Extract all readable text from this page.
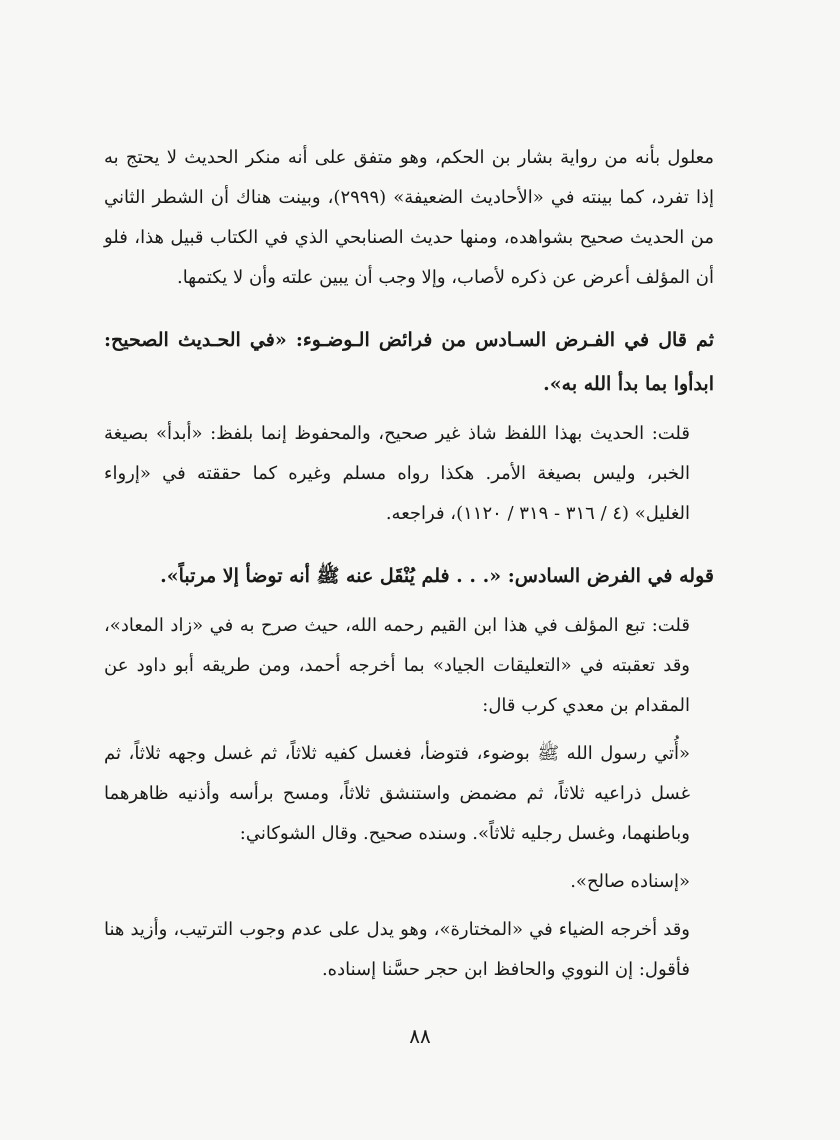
معلول بأنه من رواية بشار بن الحكم، وهو متفق على أنه منكر الحديث لا يحتج به إذا تفرد، كما بينته في «الأحاديث الضعيفة» (٢٩٩٩)، وبينت هناك أن الشطر الثاني من الحديث صحيح بشواهده، ومنها حديث الصنابحي الذي في الكتاب قبيل هذا، فلو أن المؤلف أعرض عن ذكره لأصاب، وإلا وجب أن يبين علته وأن لا يكتمها.

ثم قال في الفـرض السـادس من فرائض الـوضـوء: «في الحـديث الصحيح: ابدأوا بما بدأ الله به».

قلت: الحديث بهذا اللفظ شاذ غير صحيح، والمحفوظ إنما بلفظ: «أبدأ» بصيغة الخبر، وليس بصيغة الأمر. هكذا رواه مسلم وغيره كما حققته في «إرواء الغليل» (٤ / ٣١٦ - ٣١٩ / ١١٢٠)، فراجعه.

قوله في الفرض السادس: «. . . فلم يُنْقَل عنه ﷺ أنه توضأ إلا مرتباً».

قلت: تبع المؤلف في هذا ابن القيم رحمه الله، حيث صرح به في «زاد المعاد»، وقد تعقبته في «التعليقات الجياد» بما أخرجه أحمد، ومن طريقه أبو داود عن المقدام بن معدي كرب قال:

«أُتي رسول الله ﷺ بوضوء، فتوضأ، فغسل كفيه ثلاثاً، ثم غسل وجهه ثلاثاً، ثم غسل ذراعيه ثلاثاً، ثم مضمض واستنشق ثلاثاً، ومسح برأسه وأذنيه ظاهرهما وباطنهما، وغسل رجليه ثلاثاً». وسنده صحيح. وقال الشوكاني:

«إسناده صالح».

وقد أخرجه الضياء في «المختارة»، وهو يدل على عدم وجوب الترتيب، وأزيد هنا فأقول: إن النووي والحافظ ابن حجر حسَّنا إسناده.

٨٨
